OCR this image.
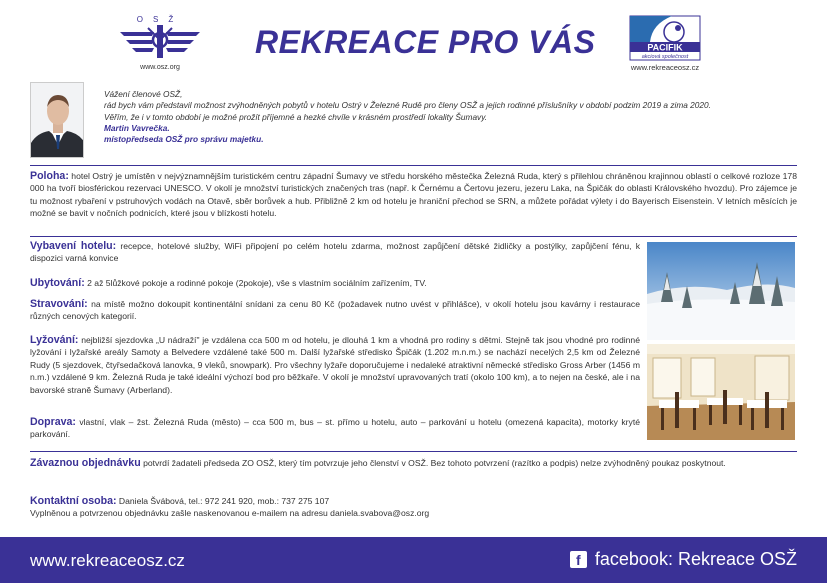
OSŽ
www.osz.org
REKREACE PRO VÁS	PACIFIK
akciová společnost
www.rekreaceosz.cz
Vážení členové OSŽ,
rád bych vám představil možnost zvýhodněných pobytů v hotelu Ostrý v Železné Rudě pro členy OSŽ a jejich rodinné příslušníky v období podzim 2019 a zima 2020.
Věřím, že i v tomto období je možné prožít příjemné a hezké chvíle v krásném prostředí lokality Šumavy.
Martin Vavrečka.
místopředseda OSŽ pro správu majetku.
Poloha: hotel Ostrý je umístěn v nejvýznamnějším turistickém centru západní Šumavy ve středu horského městečka Železná Ruda, který s přilehlou chráněnou krajinnou oblastí o celkové rozloze 178 000 ha tvoří biosférickou rezervaci UNESCO. V okolí je množství turistických značených tras (např. k Černému a Čertovu jezeru, jezeru Laka, na Špičák do oblasti Královského hvozdu). Pro zájemce je tu možnost rybaření v pstruhových vodách na Otavě, sběr borůvek a hub. Přibližně 2 km od hotelu je hraniční přechod se SRN, a můžete pořádat výlety i do Bayerisch Eisenstein. V letních měsících je možné se bavit v nočních podnicích, které jsou v blízkosti hotelu.
Vybavení hotelu: recepce, hotelové služby, WiFi připojení po celém hotelu zdarma, možnost zapůjčení dětské židličky a postýlky, zapůjčení fénu, k dispozici varná konvice
Ubytování: 2 až 5lůžkové pokoje a rodinné pokoje (2pokoje), vše s vlastním sociálním zařízením, TV.
Stravování: na místě možno dokoupit kontinentální snídani za cenu 80 Kč (požadavek nutno uvést v přihlášce), v okolí hotelu jsou kavárny i restaurace různých cenových kategorií.
Lyžování: nejbližší sjezdovka „U nádraží" je vzdálena cca 500 m od hotelu, je dlouhá 1 km a vhodná pro rodiny s dětmi. Stejně tak jsou vhodné pro rodinné lyžování i lyžařské areály Samoty a Belvedere vzdálené také 500 m. Další lyžařské středisko Špičák (1.202 m.n.m.) se nachází necelých 2,5 km od Železné Rudy (5 sjezdovek, čtyřsedačková lanovka, 9 vleků, snowpark). Pro všechny lyžaře doporučujeme i nedaleké atraktivní německé středisko Gross Arber (1456 m n.m.) vzdálené 9 km. Železná Ruda je také ideální výchozí bod pro běžkaře. V okolí je množství upravovaných tratí (okolo 100 km), a to nejen na české, ale i na bavorské straně Šumavy (Arberland).
Doprava: vlastní, vlak – žst. Železná Ruda (město) – cca 500 m, bus – st. přímo u hotelu, auto – parkování u hotelu (omezená kapacita), motorky kryté parkování.
Závaznou objednávku potvrdí žadateli předseda ZO OSŽ, který tím potvrzuje jeho členství v OSŽ. Bez tohoto potvrzení (razítko a podpis) nelze zvýhodněný poukaz poskytnout.
Kontaktní osoba: Daniela Švábová, tel.: 972 241 920, mob.: 737 275 107
Vyplněnou a potvrzenou objednávku zašle naskenovanou e-mailem na adresu daniela.svabova@osz.org
www.rekreaceosz.cz	f facebook: Rekreace OSŽ
